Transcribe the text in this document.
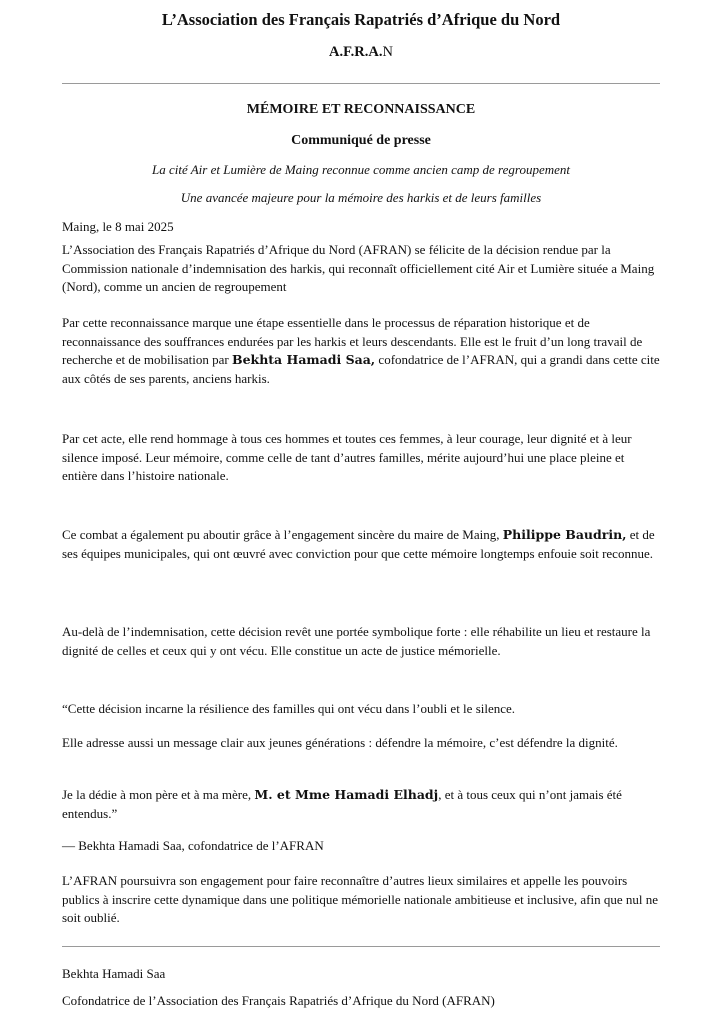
L’Association des Français Rapatriés d’Afrique du Nord
A.F.R.A.N
MÉMOIRE ET RECONNAISSANCE
Communiqué de presse
La cité Air et Lumière de Maing reconnue comme ancien camp de regroupement
Une avancée majeure pour la mémoire des harkis et de leurs familles

Maing, le 8 mai 2025

L’Association des Français Rapatriés d’Afrique du Nord (AFRAN) se félicite de la décision rendue par la Commission nationale d’indemnisation des harkis, qui reconnaît officiellement cité Air et Lumière située a Maing (Nord), comme un ancien de regroupement

Par cette reconnaissance marque une étape essentielle dans le processus de réparation historique et de reconnaissance des souffrances endurées par les harkis et leurs descendants. Elle est le fruit d’un long travail de recherche et de mobilisation par Bekhta Hamadi Saa, cofondatrice de l’AFRAN, qui a grandi dans cette cite aux côtés de ses parents, anciens harkis.

Par cet acte, elle rend hommage à tous ces hommes et toutes ces femmes, à leur courage, leur dignité et à leur silence imposé. Leur mémoire, comme celle de tant d’autres familles, mérite aujourd’hui une place pleine et entière dans l’histoire nationale.

Ce combat a également pu aboutir grâce à l’engagement sincère du maire de Maing, Philippe Baudrin, et de ses équipes municipales, qui ont œuvré avec conviction pour que cette mémoire longtemps enfouie soit reconnue.

Au-delà de l’indemnisation, cette décision revêt une portée symbolique forte : elle réhabilite un lieu et restaure la dignité de celles et ceux qui y ont vécu. Elle constitue un acte de justice mémorielle.

“Cette décision incarne la résilience des familles qui ont vécu dans l’oubli et le silence.

Elle adresse aussi un message clair aux jeunes générations : défendre la mémoire, c’est défendre la dignité.

Je la dédie à mon père et à ma mère, M. et Mme Hamadi Elhadj, et à tous ceux qui n’ont jamais été entendus.”

— Bekhta Hamadi Saa, cofondatrice de l’AFRAN

L’AFRAN poursuivra son engagement pour faire reconnaître d’autres lieux similaires et appelle les pouvoirs publics à inscrire cette dynamique dans une politique mémorielle nationale ambitieuse et inclusive, afin que nul ne soit oublié.

Bekhta Hamadi Saa

Cofondatrice de l’Association des Français Rapatriés d’Afrique du Nord (AFRAN)
